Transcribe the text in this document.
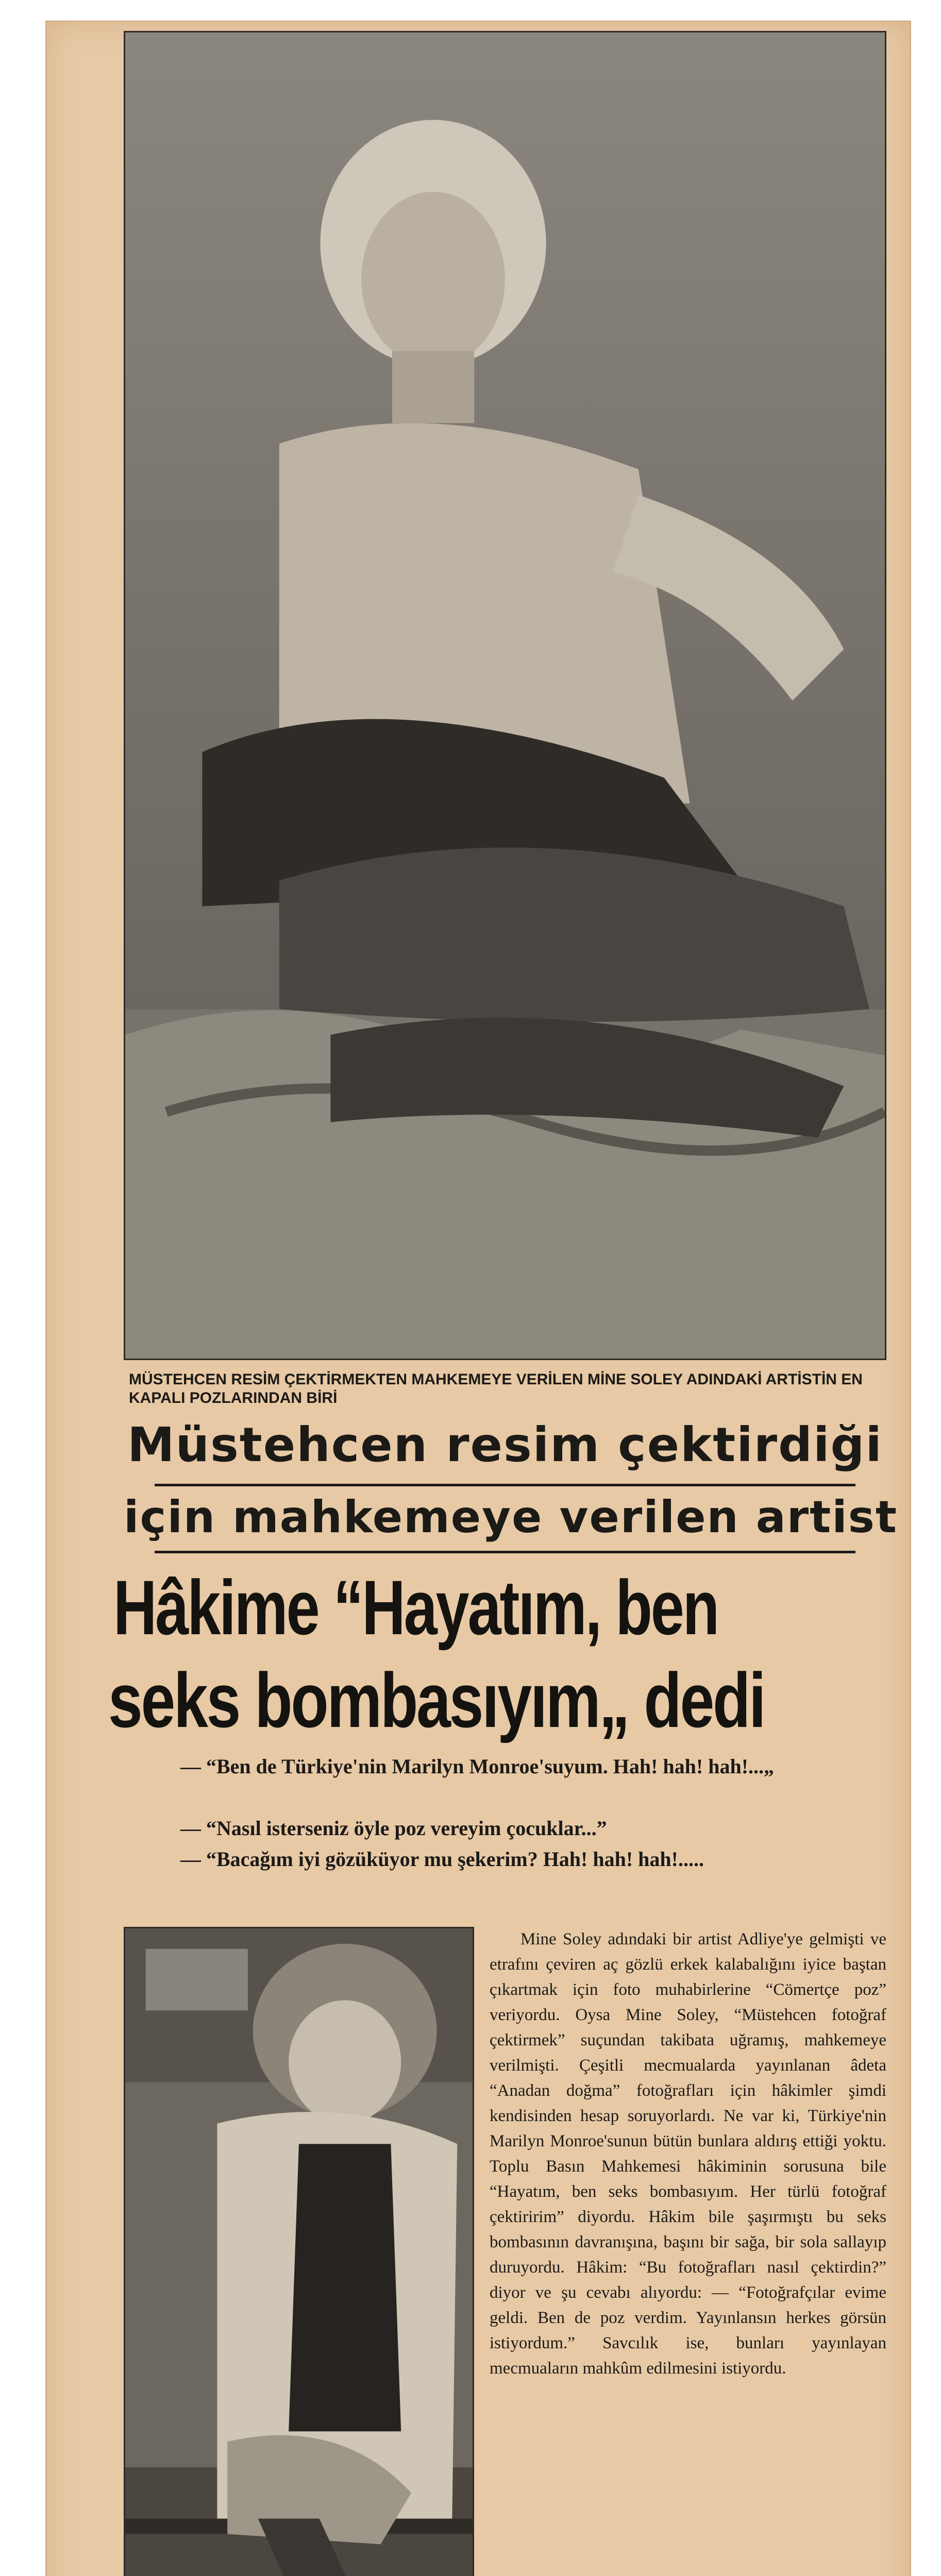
MÜSTEHCEN RESİM ÇEKTİRMEKTEN MAHKEMEYE VERİLEN MİNE SOLEY ADINDAKİ ARTİSTİN EN KAPALI POZLARINDAN BİRİ
Müstehcen resim çektirdiği
için mahkemeye verilen artist
Hâkime “Hayatım, ben
seks bombasıyım„ dedi
— “Ben de Türkiye'nin Marilyn Monroe'suyum. Hah! hah! hah!...„
— “Nasıl isterseniz öyle poz vereyim çocuklar...”
— “Bacağım iyi gözüküyor mu şekerim? Hah! hah! hah!.....
Mine Soley adındaki bir artist Adliye'ye gelmişti ve etrafını çeviren aç gözlü erkek kalabalığını iyice baştan çıkartmak için foto muhabirlerine “Cömertçe poz” veriyordu. Oysa Mine Soley, “Müstehcen fotoğraf çektirmek” suçundan takibata uğramış, mahkemeye verilmişti. Çeşitli mecmualarda yayınlanan âdeta “Anadan doğma” fotoğrafları için hâkimler şimdi kendisinden hesap soruyorlardı. Ne var ki, Türkiye'nin Marilyn Monroe'sunun bütün bunlara aldırış ettiği yoktu. Toplu Basın Mahkemesi hâkiminin sorusuna bile “Hayatım, ben seks bombasıyım. Her türlü fotoğraf çektiririm” diyordu. Hâkim bile şaşırmıştı bu seks bombasının davranışına, başını bir sağa, bir sola sallayıp duruyordu. Hâkim: “Bu fotoğrafları nasıl çektirdin?” diyor ve şu cevabı alıyordu: — “Fotoğrafçılar evime geldi. Ben de poz verdim. Yayınlansın herkes görsün istiyordum.” Savcılık ise, bunları yayınlayan mecmuaların mahkûm edilmesini istiyordu.
